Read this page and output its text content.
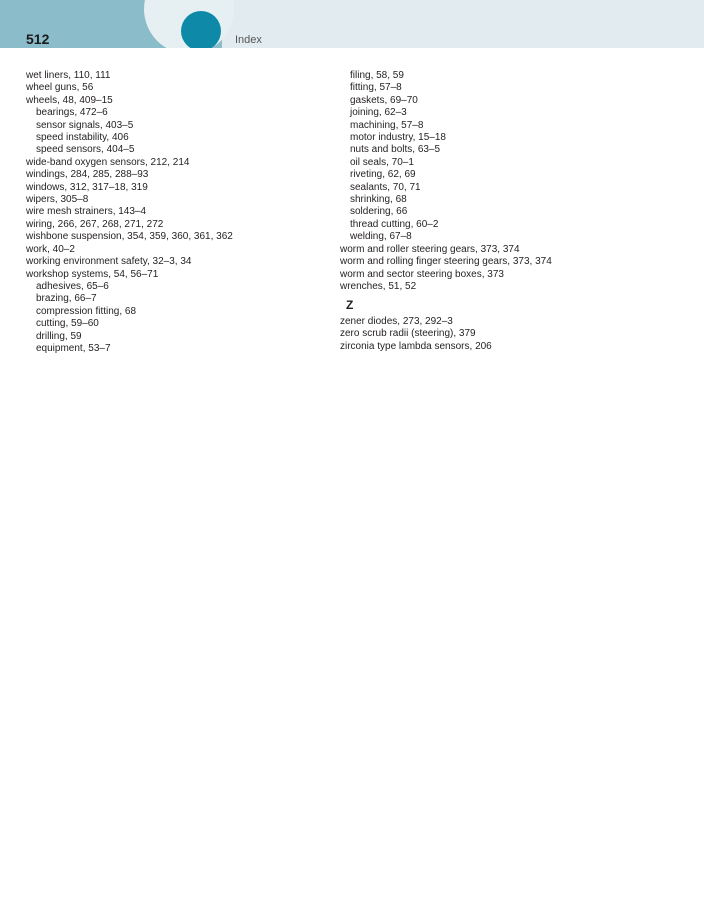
512	Index
wet liners, 110, 111
wheel guns, 56
wheels, 48, 409–15
bearings, 472–6
sensor signals, 403–5
speed instability, 406
speed sensors, 404–5
wide-band oxygen sensors, 212, 214
windings, 284, 285, 288–93
windows, 312, 317–18, 319
wipers, 305–8
wire mesh strainers, 143–4
wiring, 266, 267, 268, 271, 272
wishbone suspension, 354, 359, 360, 361, 362
work, 40–2
working environment safety, 32–3, 34
workshop systems, 54, 56–71
adhesives, 65–6
brazing, 66–7
compression fitting, 68
cutting, 59–60
drilling, 59
equipment, 53–7
filing, 58, 59
fitting, 57–8
gaskets, 69–70
joining, 62–3
machining, 57–8
motor industry, 15–18
nuts and bolts, 63–5
oil seals, 70–1
riveting, 62, 69
sealants, 70, 71
shrinking, 68
soldering, 66
thread cutting, 60–2
welding, 67–8
worm and roller steering gears, 373, 374
worm and rolling finger steering gears, 373, 374
worm and sector steering boxes, 373
wrenches, 51, 52
Z
zener diodes, 273, 292–3
zero scrub radii (steering), 379
zirconia type lambda sensors, 206
